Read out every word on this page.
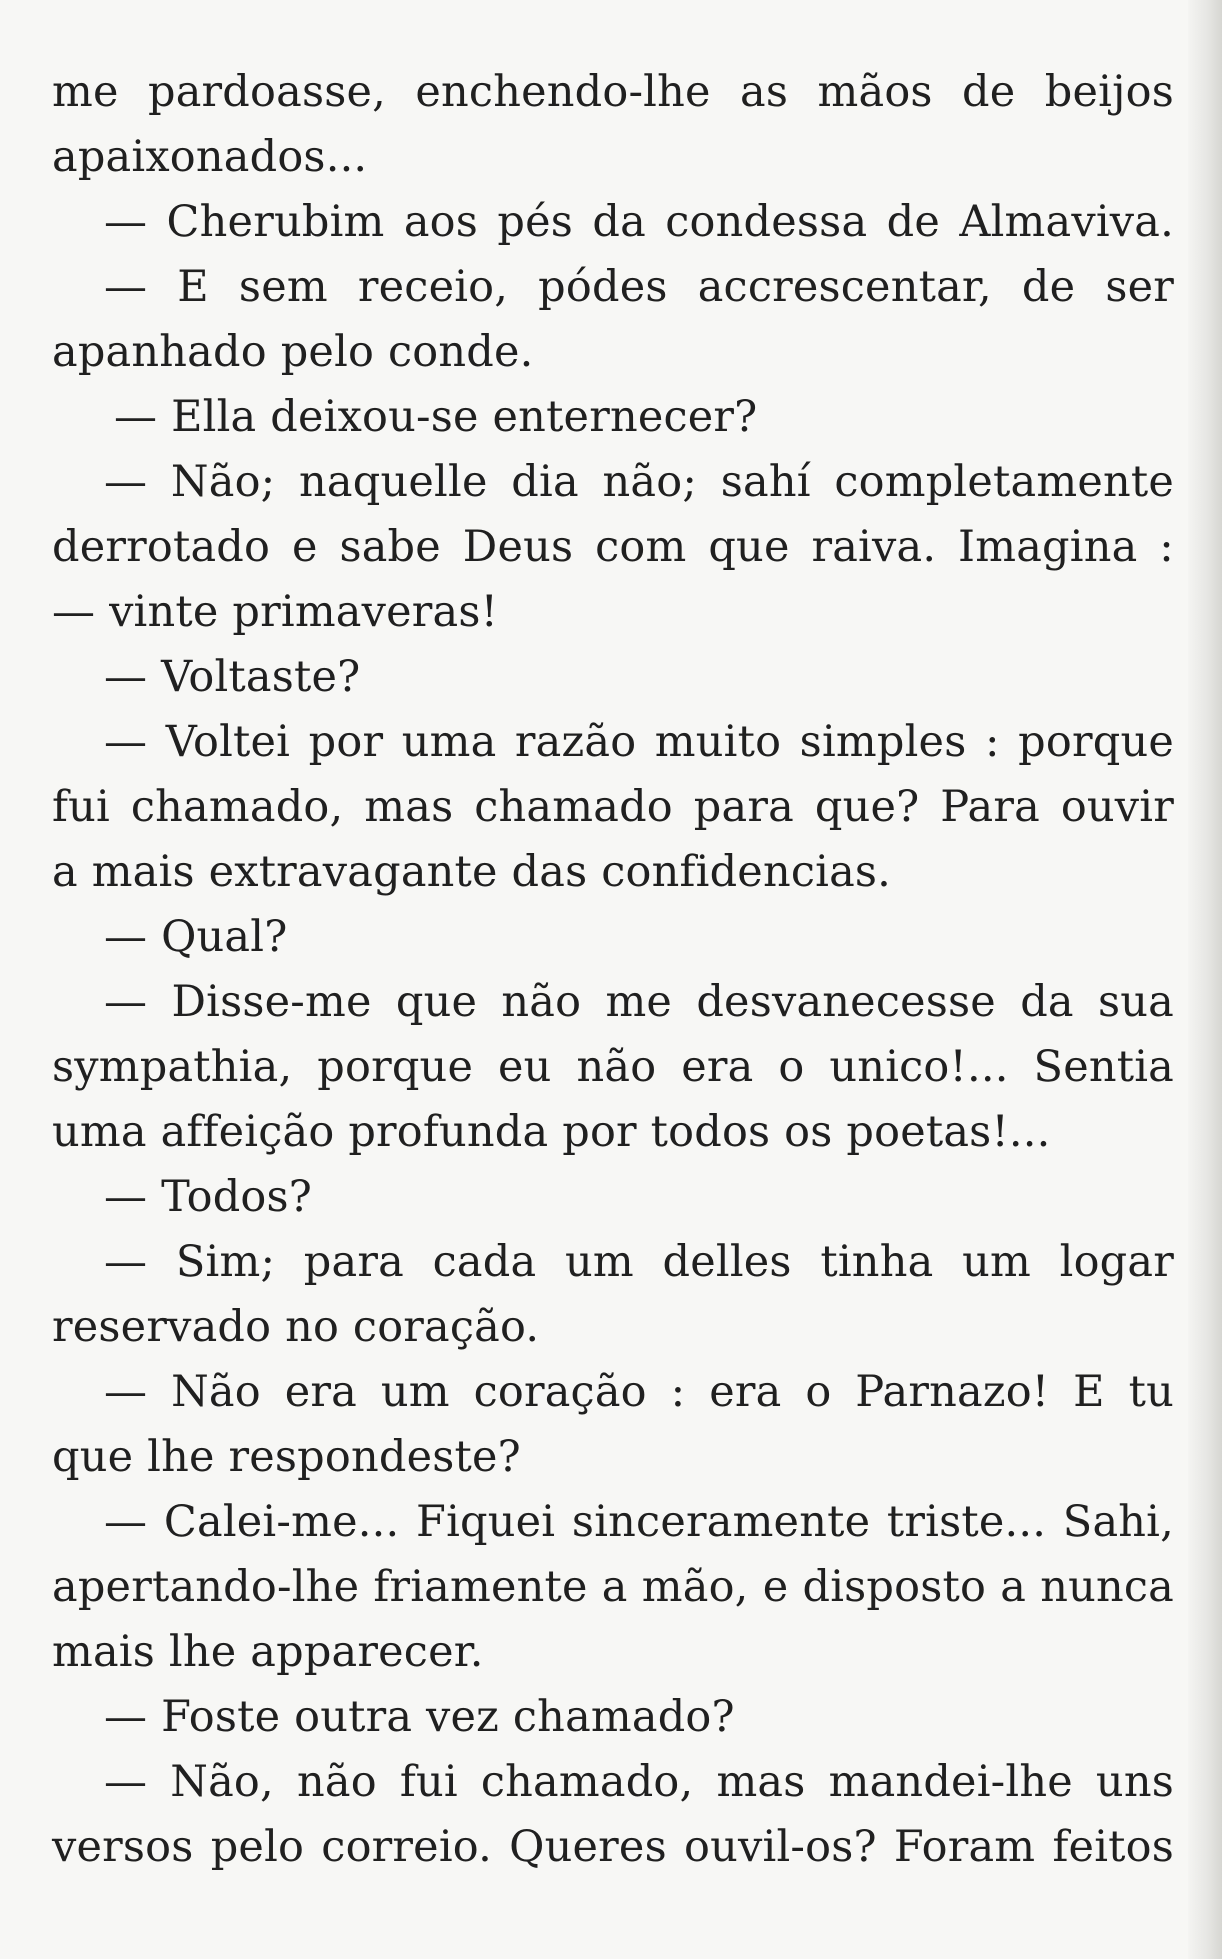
me pardoasse, enchendo-lhe as mãos de beijos
apaixonados...
— Cherubim aos pés da condessa de Almaviva.
— E sem receio, pódes accrescentar, de ser
apanhado pelo conde.
— Ella deixou-se enternecer?
— Não; naquelle dia não; sahí completamente
derrotado e sabe Deus com que raiva. Imagina :
— vinte primaveras!
— Voltaste?
— Voltei por uma razão muito simples : porque
fui chamado, mas chamado para que? Para ouvir
a mais extravagante das confidencias.
— Qual?
— Disse-me que não me desvanecesse da sua
sympathia, porque eu não era o unico!... Sentia
uma affeição profunda por todos os poetas!...
— Todos?
— Sim; para cada um delles tinha um logar
reservado no coração.
— Não era um coração : era o Parnazo! E tu
que lhe respondeste?
— Calei-me... Fiquei sinceramente triste... Sahi,
apertando-lhe friamente a mão, e disposto a nunca
mais lhe apparecer.
— Foste outra vez chamado?
— Não, não fui chamado, mas mandei-lhe uns
versos pelo correio. Queres ouvil-os? Foram feitos
